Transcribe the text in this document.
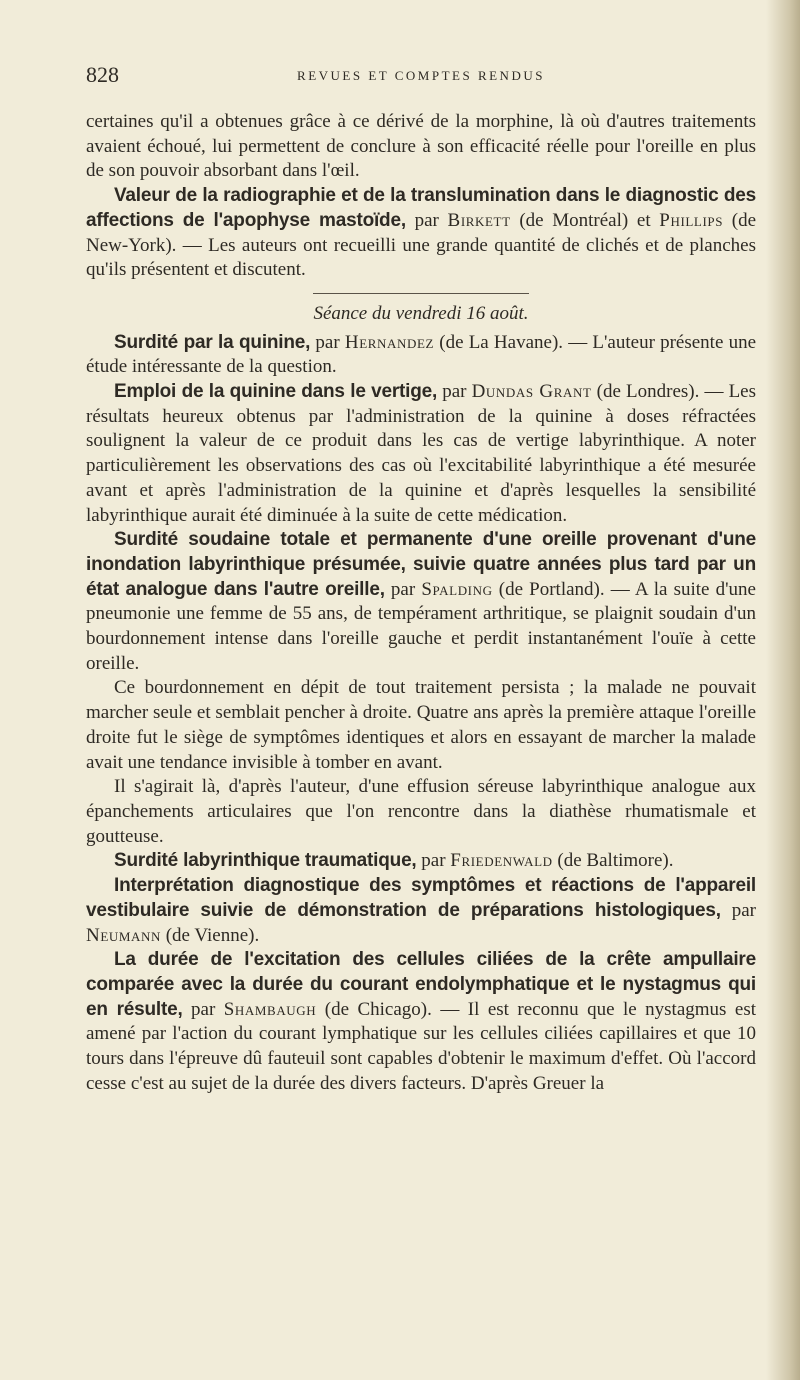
828	REVUES ET COMPTES RENDUS

certaines qu'il a obtenues grâce à ce dérivé de la morphine, là où d'autres traitements avaient échoué, lui permettent de conclure à son efficacité réelle pour l'oreille en plus de son pouvoir absorbant dans l'œil.

Valeur de la radiographie et de la translumination dans le diagnostic des affections de l'apophyse mastoïde, par Birkett (de Montréal) et Phillips (de New-York). — Les auteurs ont recueilli une grande quantité de clichés et de planches qu'ils présentent et discutent.

Séance du vendredi 16 août.

Surdité par la quinine, par Hernandez (de La Havane). — L'auteur présente une étude intéressante de la question.

Emploi de la quinine dans le vertige, par Dundas Grant (de Londres). — Les résultats heureux obtenus par l'administration de la quinine à doses réfractées soulignent la valeur de ce produit dans les cas de vertige labyrinthique. A noter particulièrement les observations des cas où l'excitabilité labyrinthique a été mesurée avant et après l'administration de la quinine et d'après lesquelles la sensibilité labyrinthique aurait été diminuée à la suite de cette médication.

Surdité soudaine totale et permanente d'une oreille provenant d'une inondation labyrinthique présumée, suivie quatre années plus tard par un état analogue dans l'autre oreille, par Spalding (de Portland). — A la suite d'une pneumonie une femme de 55 ans, de tempérament arthritique, se plaignit soudain d'un bourdonnement intense dans l'oreille gauche et perdit instantanément l'ouïe à cette oreille.

Ce bourdonnement en dépit de tout traitement persista ; la malade ne pouvait marcher seule et semblait pencher à droite. Quatre ans après la première attaque l'oreille droite fut le siège de symptômes identiques et alors en essayant de marcher la malade avait une tendance invisible à tomber en avant.

Il s'agirait là, d'après l'auteur, d'une effusion séreuse labyrinthique analogue aux épanchements articulaires que l'on rencontre dans la diathèse rhumatismale et goutteuse.

Surdité labyrinthique traumatique, par Friedenwald (de Baltimore).

Interprétation diagnostique des symptômes et réactions de l'appareil vestibulaire suivie de démonstration de préparations histologiques, par Neumann (de Vienne).

La durée de l'excitation des cellules ciliées de la crête ampullaire comparée avec la durée du courant endolymphatique et le nystagmus qui en résulte, par Shambaugh (de Chicago). — Il est reconnu que le nystagmus est amené par l'action du courant lymphatique sur les cellules ciliées capillaires et que 10 tours dans l'épreuve dû fauteuil sont capables d'obtenir le maximum d'effet. Où l'accord cesse c'est au sujet de la durée des divers facteurs. D'après Greuer la
